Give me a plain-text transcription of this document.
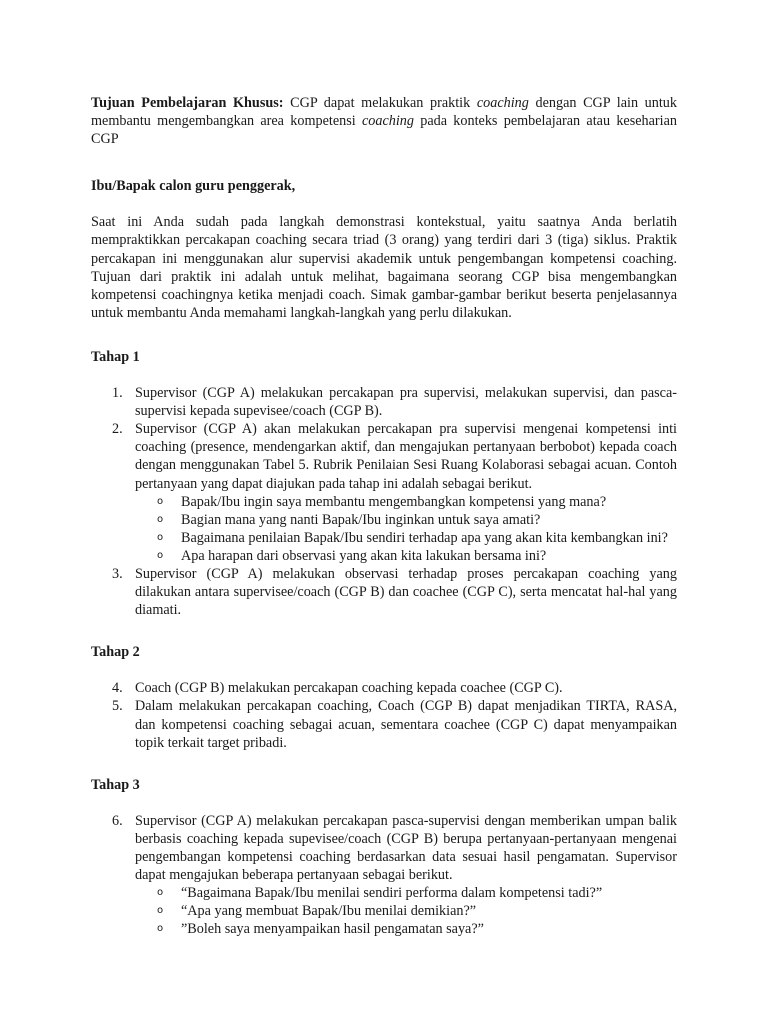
Tujuan Pembelajaran Khusus: CGP dapat melakukan praktik coaching dengan CGP lain untuk membantu mengembangkan area kompetensi coaching pada konteks pembelajaran atau keseharian CGP

Ibu/Bapak calon guru penggerak,

Saat ini Anda sudah pada langkah demonstrasi kontekstual, yaitu saatnya Anda berlatih mempraktikkan percakapan coaching secara triad (3 orang) yang terdiri dari 3 (tiga) siklus. Praktik percakapan ini menggunakan alur supervisi akademik untuk pengembangan kompetensi coaching. Tujuan dari praktik ini adalah untuk melihat, bagaimana seorang CGP bisa mengembangkan kompetensi coachingnya ketika menjadi coach. Simak gambar-gambar berikut beserta penjelasannya untuk membantu Anda memahami langkah-langkah yang perlu dilakukan.

Tahap 1

1. Supervisor (CGP A) melakukan percakapan pra supervisi, melakukan supervisi, dan pasca-supervisi kepada supevisee/coach (CGP B).
2. Supervisor (CGP A) akan melakukan percakapan pra supervisi mengenai kompetensi inti coaching (presence, mendengarkan aktif, dan mengajukan pertanyaan berbobot) kepada coach dengan menggunakan Tabel 5. Rubrik Penilaian Sesi Ruang Kolaborasi sebagai acuan. Contoh pertanyaan yang dapat diajukan pada tahap ini adalah sebagai berikut.
o Bapak/Ibu ingin saya membantu mengembangkan kompetensi yang mana?
o Bagian mana yang nanti Bapak/Ibu inginkan untuk saya amati?
o Bagaimana penilaian Bapak/Ibu sendiri terhadap apa yang akan kita kembangkan ini?
o Apa harapan dari observasi yang akan kita lakukan bersama ini?
3. Supervisor (CGP A) melakukan observasi terhadap proses percakapan coaching yang dilakukan antara supervisee/coach (CGP B) dan coachee (CGP C), serta mencatat hal-hal yang diamati.

Tahap 2

4. Coach (CGP B) melakukan percakapan coaching kepada coachee (CGP C).
5. Dalam melakukan percakapan coaching, Coach (CGP B) dapat menjadikan TIRTA, RASA, dan kompetensi coaching sebagai acuan, sementara coachee (CGP C) dapat menyampaikan topik terkait target pribadi.

Tahap 3

6. Supervisor (CGP A) melakukan percakapan pasca-supervisi dengan memberikan umpan balik berbasis coaching kepada supevisee/coach (CGP B) berupa pertanyaan-pertanyaan mengenai pengembangan kompetensi coaching berdasarkan data sesuai hasil pengamatan. Supervisor dapat mengajukan beberapa pertanyaan sebagai berikut.
o “Bagaimana Bapak/Ibu menilai sendiri performa dalam kompetensi tadi?”
o “Apa yang membuat Bapak/Ibu menilai demikian?”
o ”Boleh saya menyampaikan hasil pengamatan saya?”
